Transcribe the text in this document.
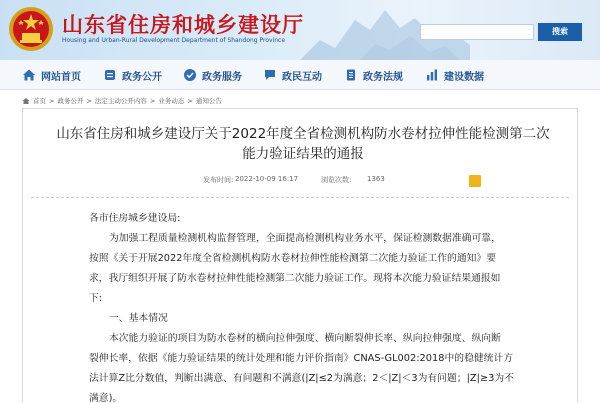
山东省住房和城乡建设厅
Housing and Urban-Rural Development Department of Shandong Province
搜索
网站首页	政务公开	政务服务	政民互动	政务法规	建设数据
首页 > 政务公开 > 法定主动公开内容 > 业务动态 > 通知公告
山东省住房和城乡建设厅关于2022年度全省检测机构防水卷材拉伸性能检测第二次能力验证结果的通报
发布时间: 2022-10-09 16:17	浏览次数: 1363
各市住房城乡建设局:
为加强工程质量检测机构监督管理，全面提高检测机构业务水平，保证检测数据准确可靠，
按照《关于开展2022年度全省检测机构防水卷材拉伸性能检测第二次能力验证工作的通知》要
求，我厅组织开展了防水卷材拉伸性能检测第二次能力验证工作。现将本次能力验证结果通报如
下:
一、基本情况
本次能力验证的项目为防水卷材的横向拉伸强度、横向断裂伸长率、纵向拉伸强度、纵向断
裂伸长率，依据《能力验证结果的统计处理和能力评价指南》CNAS-GL002:2018中的稳健统计方
法计算Z比分数值，判断出满意、有问题和不满意(|Z|≤2为满意；2＜|Z|＜3为有问题；|Z|≥3为不
满意)。
